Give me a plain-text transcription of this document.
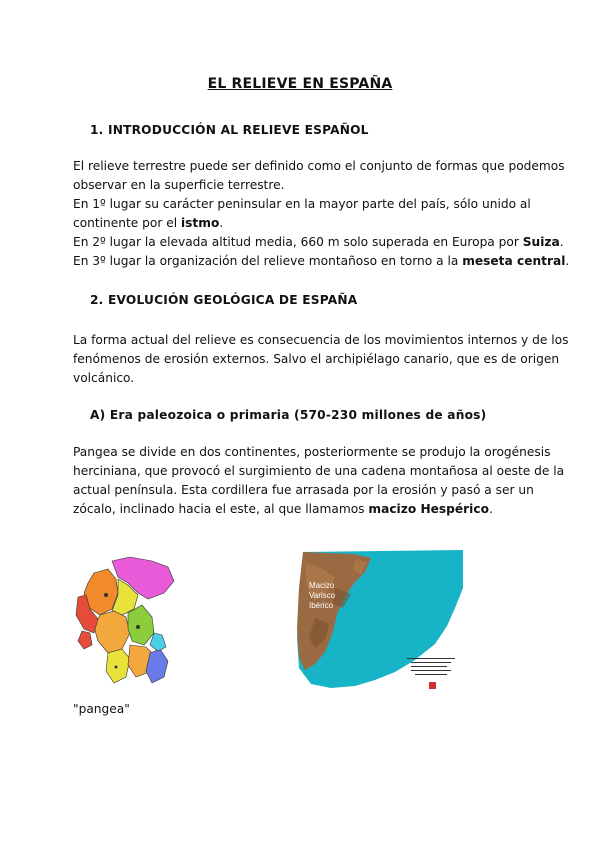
EL RELIEVE EN ESPAÑA
1. INTRODUCCIÓN AL RELIEVE ESPAÑOL
El relieve terrestre puede ser definido como el conjunto de formas que podemos
observar en la superficie terrestre.
En 1º lugar su carácter peninsular en la mayor parte del país, sólo unido al
continente por el istmo.
En 2º lugar la elevada altitud media, 660 m solo superada en Europa por Suiza.
En 3º lugar la organización del relieve montañoso en torno a la meseta central.
2. EVOLUCIÓN GEOLÓGICA DE ESPAÑA
La forma actual del relieve es consecuencia de los movimientos internos y de los
fenómenos de erosión externos. Salvo el archipiélago canario, que es de origen
volcánico.
A) Era paleozoica o primaria (570-230 millones de años)
Pangea se divide en dos continentes, posteriormente se produjo la orogénesis
herciniana, que provocó el surgimiento de una cadena montañosa al oeste de la
actual península. Esta cordillera fue arrasada por la erosión y pasó a ser un
zócalo, inclinado hacia el este, al que llamamos macizo Hespérico.
Macizo
Varisco
Ibérico
"pangea"
